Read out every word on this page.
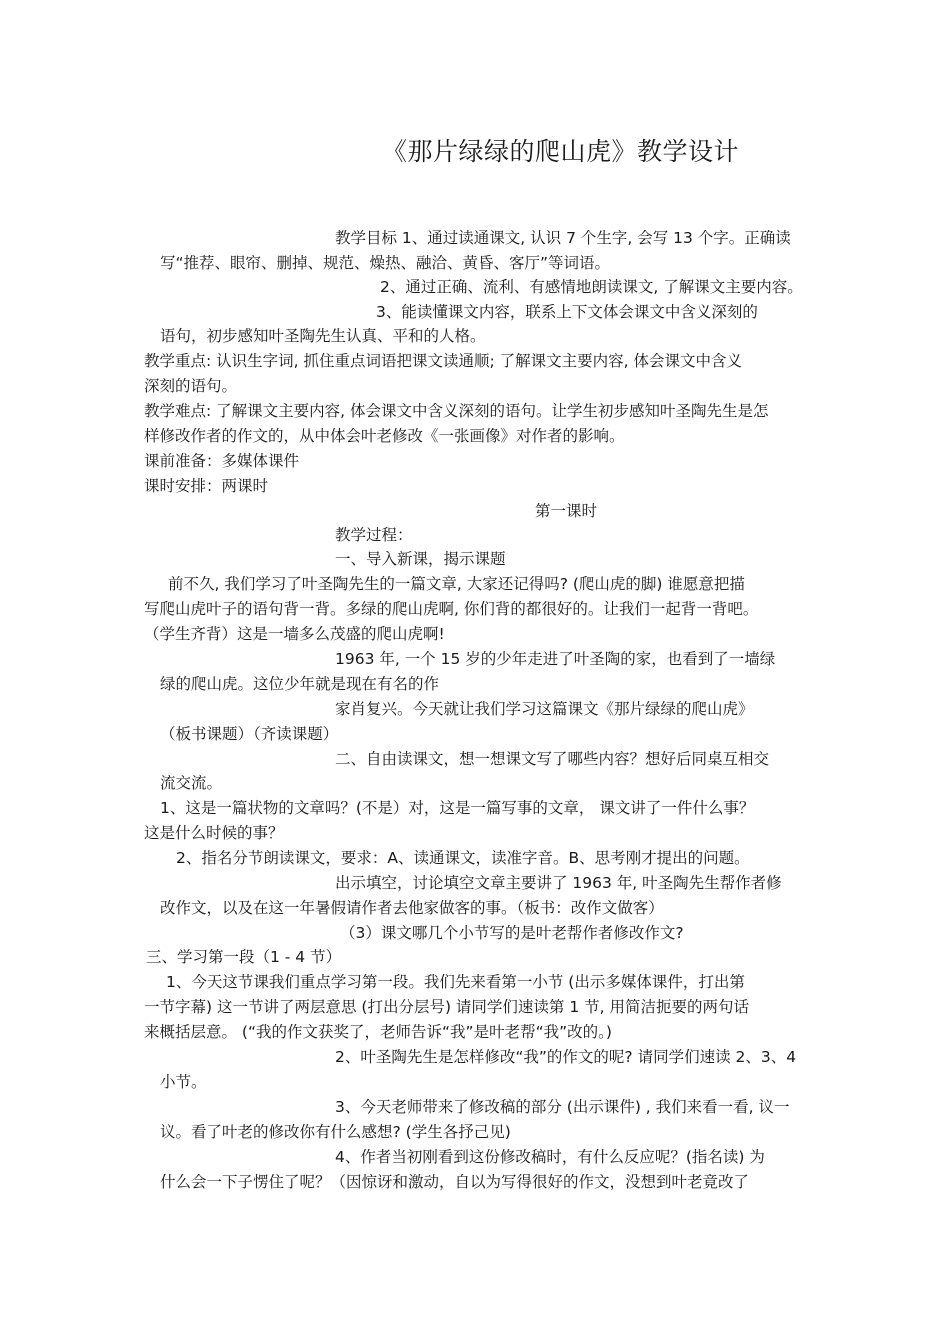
《那片绿绿的爬山虎》教学设计
教学目标 1、通过读通课文, 认识 7 个生字, 会写 13 个字。正确读
写“推荐、眼帘、删掉、规范、燥热、融洽、黄昏、客厅”等词语。
2、通过正确、流利、有感情地朗读课文, 了解课文主要内容。
3、能读懂课文内容，联系上下文体会课文中含义深刻的
语句，初步感知叶圣陶先生认真、平和的人格。
教学重点: 认识生字词, 抓住重点词语把课文读通顺; 了解课文主要内容, 体会课文中含义
深刻的语句。
教学难点: 了解课文主要内容, 体会课文中含义深刻的语句。让学生初步感知叶圣陶先生是怎
样修改作者的作文的，从中体会叶老修改《一张画像》对作者的影响。
课前准备：多媒体课件
课时安排：两课时
第一课时
教学过程：
一、导入新课，揭示课题
前不久, 我们学习了叶圣陶先生的一篇文章, 大家还记得吗? (爬山虎的脚) 谁愿意把描
写爬山虎叶子的语句背一背。多绿的爬山虎啊, 你们背的都很好的。让我们一起背一背吧。
（学生齐背）这是一墙多么茂盛的爬山虎啊!
1963 年, 一个 15 岁的少年走进了叶圣陶的家，也看到了一墙绿
绿的爬山虎。这位少年就是现在有名的作
家肖复兴。今天就让我们学习这篇课文《那片绿绿的爬山虎》
（板书课题）（齐读课题）
二、自由读课文，想一想课文写了哪些内容？想好后同桌互相交
流交流。
1、这是一篇状物的文章吗？(不是）对，这是一篇写事的文章， 课文讲了一件什么事？
这是什么时候的事？
2、指名分节朗读课文，要求：A、读通课文，读准字音。B、思考刚才提出的问题。
出示填空，讨论填空文章主要讲了 1963 年, 叶圣陶先生帮作者修
改作文，以及在这一年暑假请作者去他家做客的事。（板书：改作文做客）
（3）课文哪几个小节写的是叶老帮作者修改作文?
三、学习第一段（1 - 4 节）
1、今天这节课我们重点学习第一段。我们先来看第一小节 (出示多媒体课件，打出第
一节字幕) 这一节讲了两层意思 (打出分层号) 请同学们速读第 1 节, 用简洁扼要的两句话
来概括层意。 (“我的作文获奖了，老师告诉“我”是叶老帮“我”改的。)
2、叶圣陶先生是怎样修改“我”的作文的呢? 请同学们速读 2、3、4
小节。
3、今天老师带来了修改稿的部分 (出示课件) , 我们来看一看, 议一
议。看了叶老的修改你有什么感想? (学生各抒己见)
4、作者当初刚看到这份修改稿时，有什么反应呢？(指名读) 为
什么会一下子愣住了呢？（因惊讶和激动，自以为写得很好的作文，没想到叶老竟改了
